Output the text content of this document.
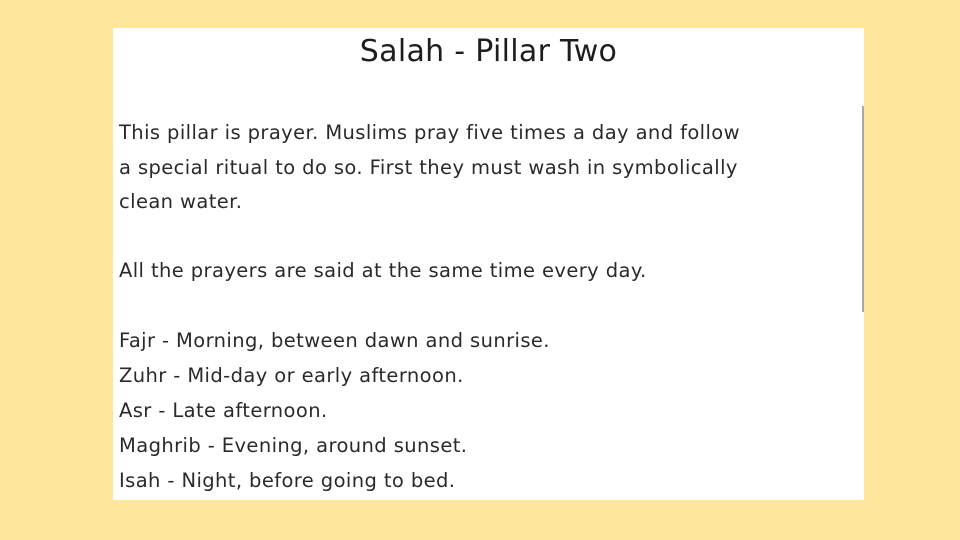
Salah - Pillar Two
This pillar is prayer. Muslims pray five times a day and follow
a special ritual to do so. First they must wash in symbolically
clean water.
All the prayers are said at the same time every day.
Fajr - Morning, between dawn and sunrise.
Zuhr - Mid-day or early afternoon.
Asr - Late afternoon.
Maghrib - Evening, around sunset.
Isah - Night, before going to bed.
